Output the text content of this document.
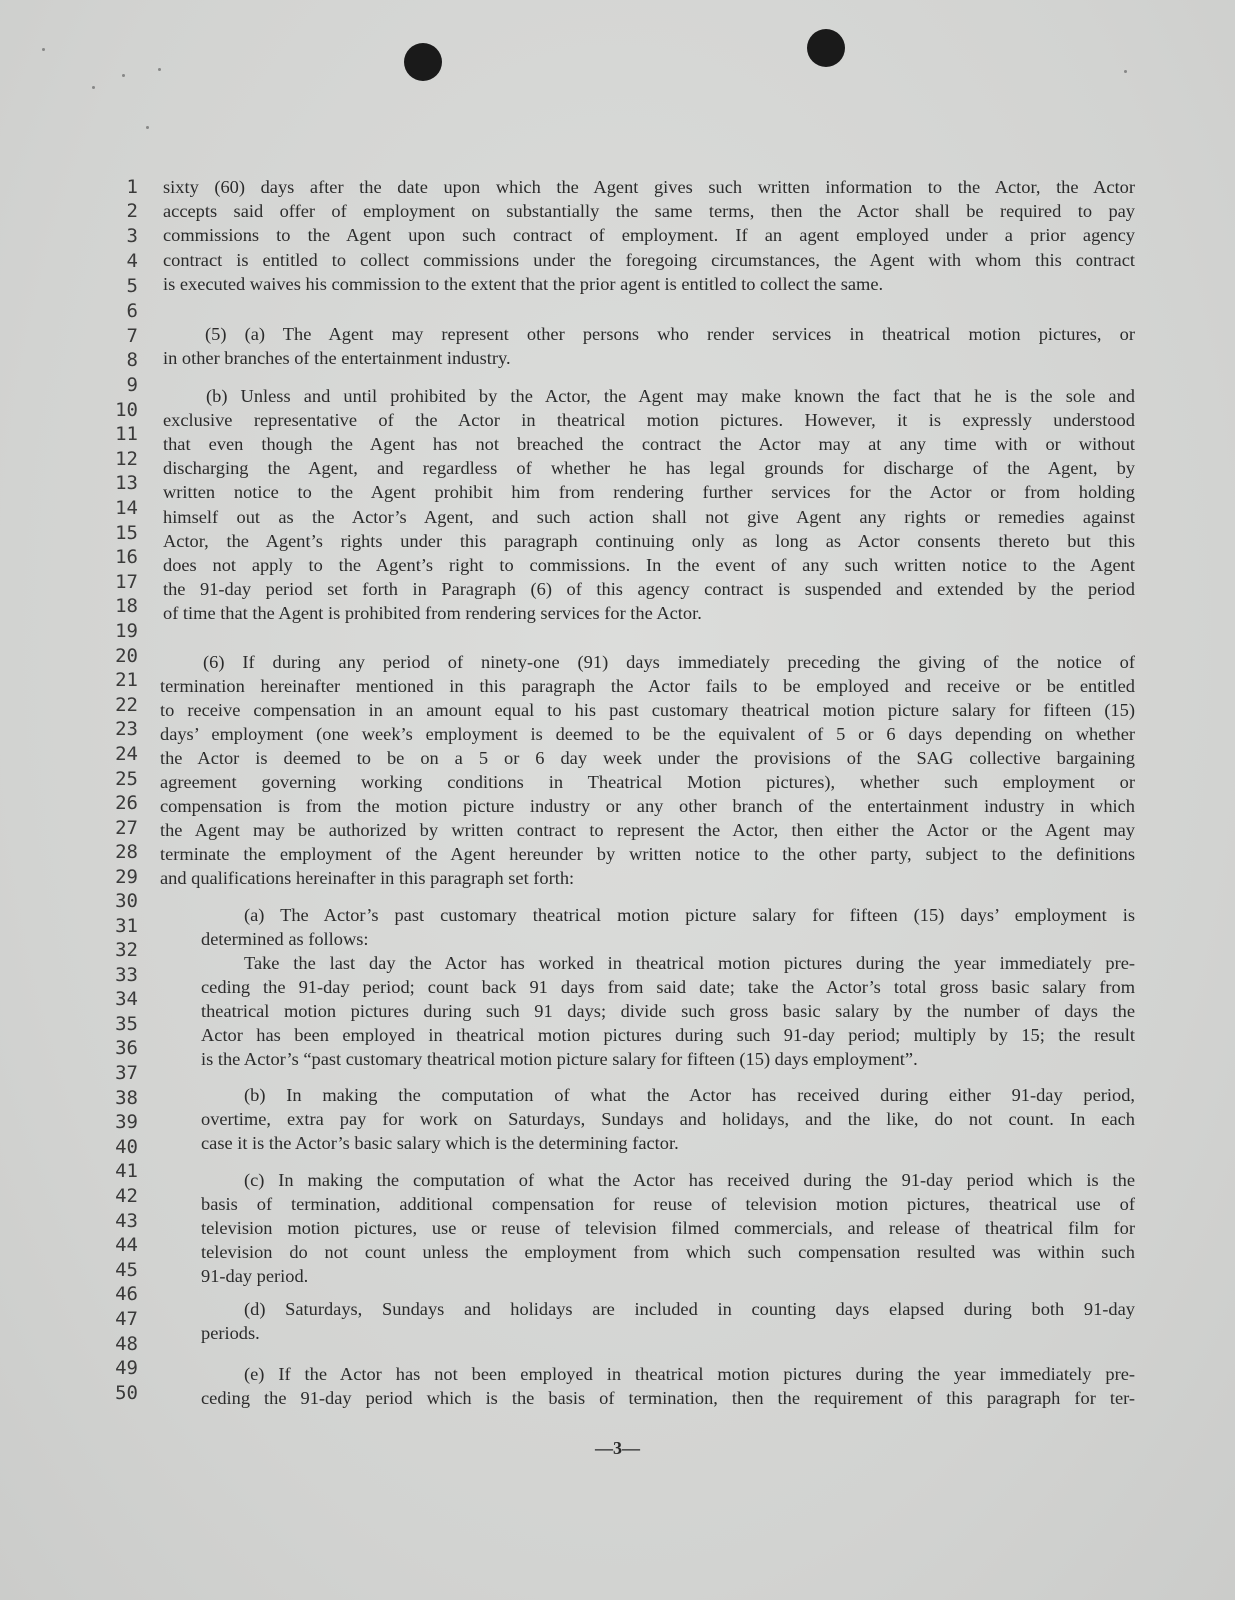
1
2
3
4
5
6
7
8
9
10
11
12
13
14
15
16
17
18
19
20
21
22
23
24
25
26
27
28
29
30
31
32
33
34
35
36
37
38
39
40
41
42
43
44
45
46
47
48
49
50
sixty (60) days after the date upon which the Agent gives such written information to the Actor, the Actor
accepts said offer of employment on substantially the same terms, then the Actor shall be required to pay
commissions to the Agent upon such contract of employment. If an agent employed under a prior agency
contract is entitled to collect commissions under the foregoing circumstances, the Agent with whom this contract
is executed waives his commission to the extent that the prior agent is entitled to collect the same.
(5) (a) The Agent may represent other persons who render services in theatrical motion pictures, or
in other branches of the entertainment industry.
(b) Unless and until prohibited by the Actor, the Agent may make known the fact that he is the sole and
exclusive representative of the Actor in theatrical motion pictures. However, it is expressly understood
that even though the Agent has not breached the contract the Actor may at any time with or without
discharging the Agent, and regardless of whether he has legal grounds for discharge of the Agent, by
written notice to the Agent prohibit him from rendering further services for the Actor or from holding
himself out as the Actor’s Agent, and such action shall not give Agent any rights or remedies against
Actor, the Agent’s rights under this paragraph continuing only as long as Actor consents thereto but this
does not apply to the Agent’s right to commissions. In the event of any such written notice to the Agent
the 91-day period set forth in Paragraph (6) of this agency contract is suspended and extended by the period
of time that the Agent is prohibited from rendering services for the Actor.
(6) If during any period of ninety-one (91) days immediately preceding the giving of the notice of
termination hereinafter mentioned in this paragraph the Actor fails to be employed and receive or be entitled
to receive compensation in an amount equal to his past customary theatrical motion picture salary for fifteen (15)
days’ employment (one week’s employment is deemed to be the equivalent of 5 or 6 days depending on whether
the Actor is deemed to be on a 5 or 6 day week under the provisions of the SAG collective bargaining
agreement governing working conditions in Theatrical Motion pictures), whether such employment or
compensation is from the motion picture industry or any other branch of the entertainment industry in which
the Agent may be authorized by written contract to represent the Actor, then either the Actor or the Agent may
terminate the employment of the Agent hereunder by written notice to the other party, subject to the definitions
and qualifications hereinafter in this paragraph set forth:
(a) The Actor’s past customary theatrical motion picture salary for fifteen (15) days’ employment is
determined as follows:
Take the last day the Actor has worked in theatrical motion pictures during the year immediately pre-
ceding the 91-day period; count back 91 days from said date; take the Actor’s total gross basic salary from
theatrical motion pictures during such 91 days; divide such gross basic salary by the number of days the
Actor has been employed in theatrical motion pictures during such 91-day period; multiply by 15; the result
is the Actor’s “past customary theatrical motion picture salary for fifteen (15) days employment”.
(b) In making the computation of what the Actor has received during either 91-day period,
overtime, extra pay for work on Saturdays, Sundays and holidays, and the like, do not count. In each
case it is the Actor’s basic salary which is the determining factor.
(c) In making the computation of what the Actor has received during the 91-day period which is the
basis of termination, additional compensation for reuse of television motion pictures, theatrical use of
television motion pictures, use or reuse of television filmed commercials, and release of theatrical film for
television do not count unless the employment from which such compensation resulted was within such
91-day period.
(d) Saturdays, Sundays and holidays are included in counting days elapsed during both 91-day
periods.
(e) If the Actor has not been employed in theatrical motion pictures during the year immediately pre-
ceding the 91-day period which is the basis of termination, then the requirement of this paragraph for ter-
—3—
